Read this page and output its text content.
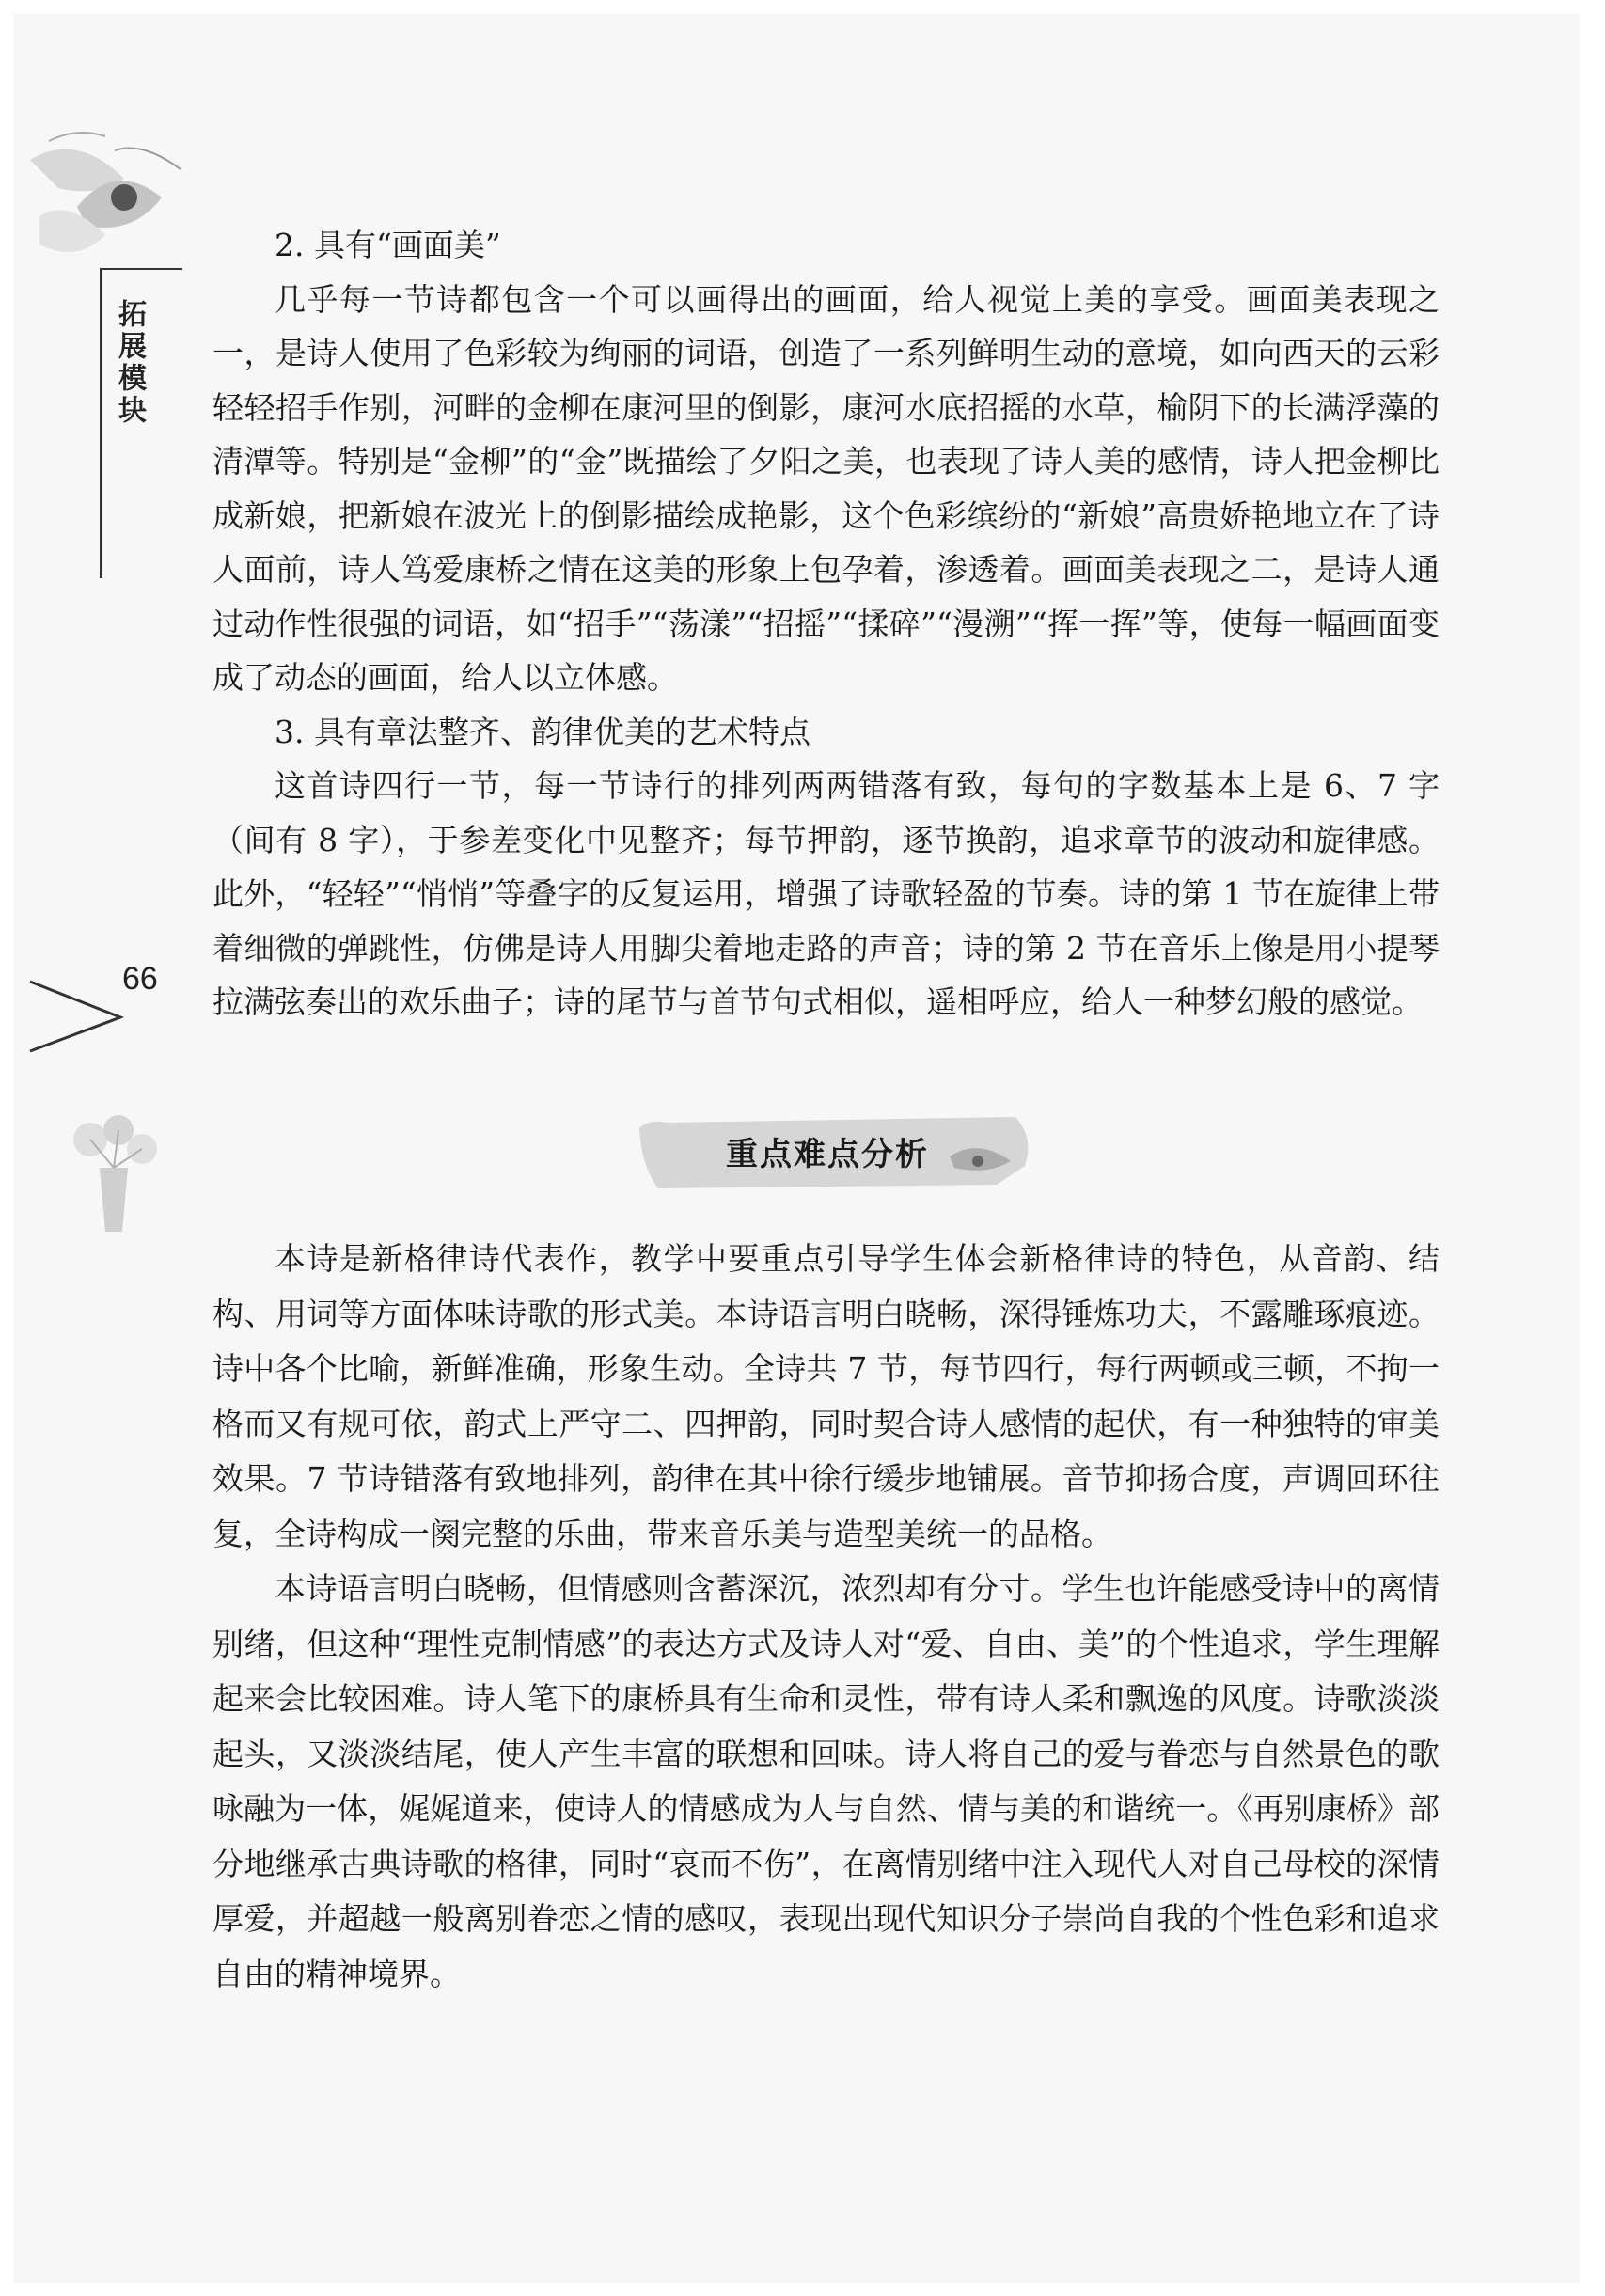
拓展模块
66

2. 具有“画面美”

几乎每一节诗都包含一个可以画得出的画面，给人视觉上美的享受。画面美表现之一，是诗人使用了色彩较为绚丽的词语，创造了一系列鲜明生动的意境，如向西天的云彩轻轻招手作别，河畔的金柳在康河里的倒影，康河水底招摇的水草，榆阴下的长满浮藻的清潭等。特别是“金柳”的“金”既描绘了夕阳之美，也表现了诗人美的感情，诗人把金柳比成新娘，把新娘在波光上的倒影描绘成艳影，这个色彩缤纷的“新娘”高贵娇艳地立在了诗人面前，诗人笃爱康桥之情在这美的形象上包孕着，渗透着。画面美表现之二，是诗人通过动作性很强的词语，如“招手”“荡漾”“招摇”“揉碎”“漫溯”“挥一挥”等，使每一幅画面变成了动态的画面，给人以立体感。

3. 具有章法整齐、韵律优美的艺术特点

这首诗四行一节，每一节诗行的排列两两错落有致，每句的字数基本上是 6、7 字（间有 8 字），于参差变化中见整齐；每节押韵，逐节换韵，追求章节的波动和旋律感。此外，“轻轻”“悄悄”等叠字的反复运用，增强了诗歌轻盈的节奏。诗的第 1 节在旋律上带着细微的弹跳性，仿佛是诗人用脚尖着地走路的声音；诗的第 2 节在音乐上像是用小提琴拉满弦奏出的欢乐曲子；诗的尾节与首节句式相似，遥相呼应，给人一种梦幻般的感觉。

重点难点分析

本诗是新格律诗代表作，教学中要重点引导学生体会新格律诗的特色，从音韵、结构、用词等方面体味诗歌的形式美。本诗语言明白晓畅，深得锤炼功夫，不露雕琢痕迹。诗中各个比喻，新鲜准确，形象生动。全诗共 7 节，每节四行，每行两顿或三顿，不拘一格而又有规可依，韵式上严守二、四押韵，同时契合诗人感情的起伏，有一种独特的审美效果。7 节诗错落有致地排列，韵律在其中徐行缓步地铺展。音节抑扬合度，声调回环往复，全诗构成一阕完整的乐曲，带来音乐美与造型美统一的品格。

本诗语言明白晓畅，但情感则含蓄深沉，浓烈却有分寸。学生也许能感受诗中的离情别绪，但这种“理性克制情感”的表达方式及诗人对“爱、自由、美”的个性追求，学生理解起来会比较困难。诗人笔下的康桥具有生命和灵性，带有诗人柔和飘逸的风度。诗歌淡淡起头，又淡淡结尾，使人产生丰富的联想和回味。诗人将自己的爱与眷恋与自然景色的歌咏融为一体，娓娓道来，使诗人的情感成为人与自然、情与美的和谐统一。《再别康桥》部分地继承古典诗歌的格律，同时“哀而不伤”，在离情别绪中注入现代人对自己母校的深情厚爱，并超越一般离别眷恋之情的感叹，表现出现代知识分子崇尚自我的个性色彩和追求自由的精神境界。
